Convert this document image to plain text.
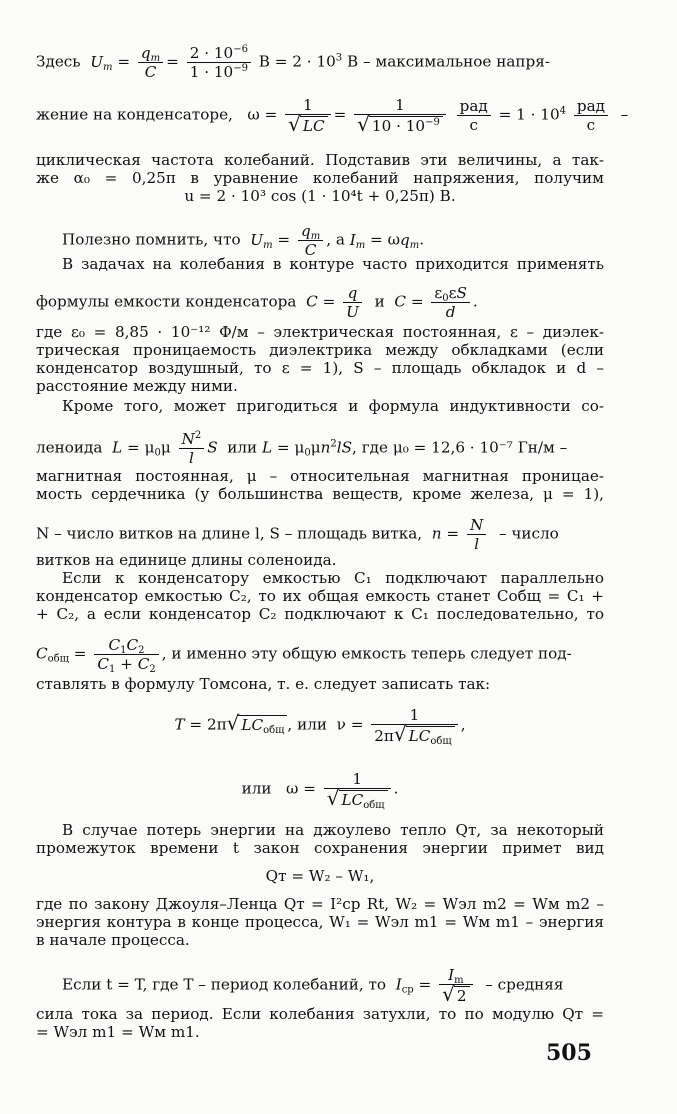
Здесь $U_m = \frac{q_m}{C} = \frac{2 \cdot 10^{-6}}{1 \cdot 10^{-9}}$ $В = 2 \cdot 10^3$ В – максимальное напря-
жение на конденсаторе,   $\omega = \frac{1}{√ LC} = \frac{1}{√ 10 \cdot 10^{-9}}$
$\frac{\text{рад}}{с} = 1 \cdot 10^4 \frac{\text{рад}}{с}$ –
циклическая частота колебаний. Подставив эти величины, а так-
же α₀ = 0,25π в уравнение колебаний напряжения, получим
u = 2 · 10³ cos (1 · 10⁴t + 0,25π) В.
Полезно помнить, что $U_m = \frac{q_m}{C}$ , а $I_m = \omega q_m$.
В задачах на колебания в контуре часто приходится применять
формулы емкости конденсатора $C = \frac{q}{U}$ и $C = \frac{\varepsilon_0\varepsilon S}{d}$ .
где ε₀ = 8,85 · 10⁻¹² Ф/м – электрическая постоянная, ε – диэлек-
трическая проницаемость диэлектрика между обкладками (если
конденсатор воздушный, то ε = 1), S – площадь обкладок и d –
расстояние между ними.
Кроме того, может пригодиться и формула индуктивности со-
леноида $L = \mu_0\mu \frac{N^2}{l}$ S или $L = \mu_0\mu n^2lS$, где μ₀ = 12,6 · 10⁻⁷ Гн/м –
магнитная постоянная, μ – относительная магнитная проницае-
мость сердечника (у большинства веществ, кроме железа, μ = 1),
N – число витков на длине l, S – площадь витка, $n = \frac{N}{l}$ – число
витков на единице длины соленоида.
Если к конденсатору емкостью C₁ подключают параллельно
конденсатор емкостью C₂, то их общая емкость станет Cобщ = C₁ +
+ C₂, а если конденсатор C₂ подключают к C₁ последовательно, то
$C_{общ} = \frac{C_1C_2}{C_1 + C_2}$ , и именно эту общую емкость теперь следует под-
ставлять в формулу Томсона, т. е. следует записать так:
T = 2π√ $LC_{общ}$ , или  $\nu = \frac{1}{2\pi√ LC_{общ}}$ ,
или   $\omega = \frac{1}{√ LC_{общ}}$ .
В случае потерь энергии на джоулево тепло Qт, за некоторый
промежуток времени t закон сохранения энергии примет вид
Qт = W₂ – W₁,
где по закону Джоуля–Ленца Qт = I²ср Rt, W₂ = Wэл m2 = Wм m2 –
энергия контура в конце процесса, W₁ = Wэл m1 = Wм m1 – энергия
в начале процесса.
Если t = T, где T – период колебаний, то $I_{ср} = \frac{I_m}{√ 2}$ – средняя
сила тока за период. Если колебания затухли, то по модулю Qт =
= Wэл m1 = Wм m1.
505
